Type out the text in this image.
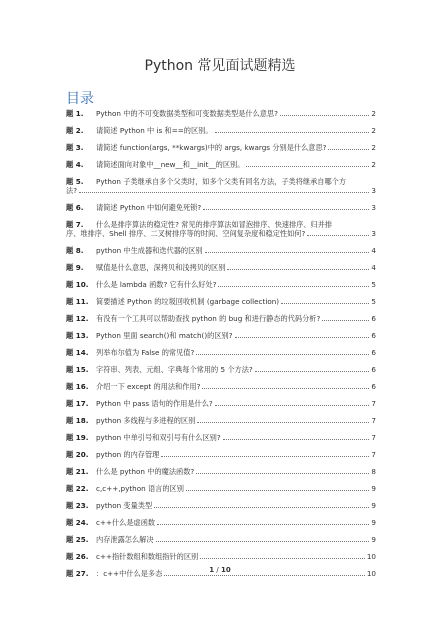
Python 常见面试题精选
目录
题 1.	Python 中的不可变数据类型和可变数据类型是什么意思?	2
题 2.	请简述 Python 中 is 和==的区别。	2
题 3.	请简述 function(args, **kwargs)中的 args, kwargs 分别是什么意思?	2
题 4.	请简述面向对象中__new__和__init__的区别。	2
题 5.	Python 子类继承自多个父类时，如多个父类有同名方法，子类将继承自哪个方
法?	3
题 6.	请简述 Python 中如何避免死锁?	3
题 7.	什么是排序算法的稳定性? 常见的排序算法如冒泡排序、快速排序、归并排
序、堆排序、Shell 排序、二叉树排序等的时间、空间复杂度和稳定性如何?	3
题 8.	python 中生成器和迭代器的区别	4
题 9.	赋值是什么意思，深拷贝和浅拷贝的区别	4
题 10.	什么是 lambda 函数? 它有什么好处?	5
题 11.	简要描述 Python 的垃圾回收机制 (garbage collection)	5
题 12.	有没有一个工具可以帮助查找 python 的 bug 和进行静态的代码分析?	6
题 13.	Python 里面 search()和 match()的区别?	6
题 14.	列举布尔值为 False 的常见值?	6
题 15.	字符串、列表、元组、字典每个常用的 5 个方法?	6
题 16.	介绍一下 except 的用法和作用?	6
题 17.	Python 中 pass 语句的作用是什么?	7
题 18.	python 多线程与多进程的区别	7
题 19.	python 中单引号和双引号有什么区别?	7
题 20.	python 的内存管理	7
题 21.	什么是 python 中的魔法函数?	8
题 22.	c,c++,python 语言的区别	9
题 23.	python 变量类型	9
题 24.	c++什么是虚函数	9
题 25.	内存泄露怎么解决	9
题 26.	c++指针数组和数组指针的区别	10
题 27.	：c++中什么是多态	10
1 / 10
